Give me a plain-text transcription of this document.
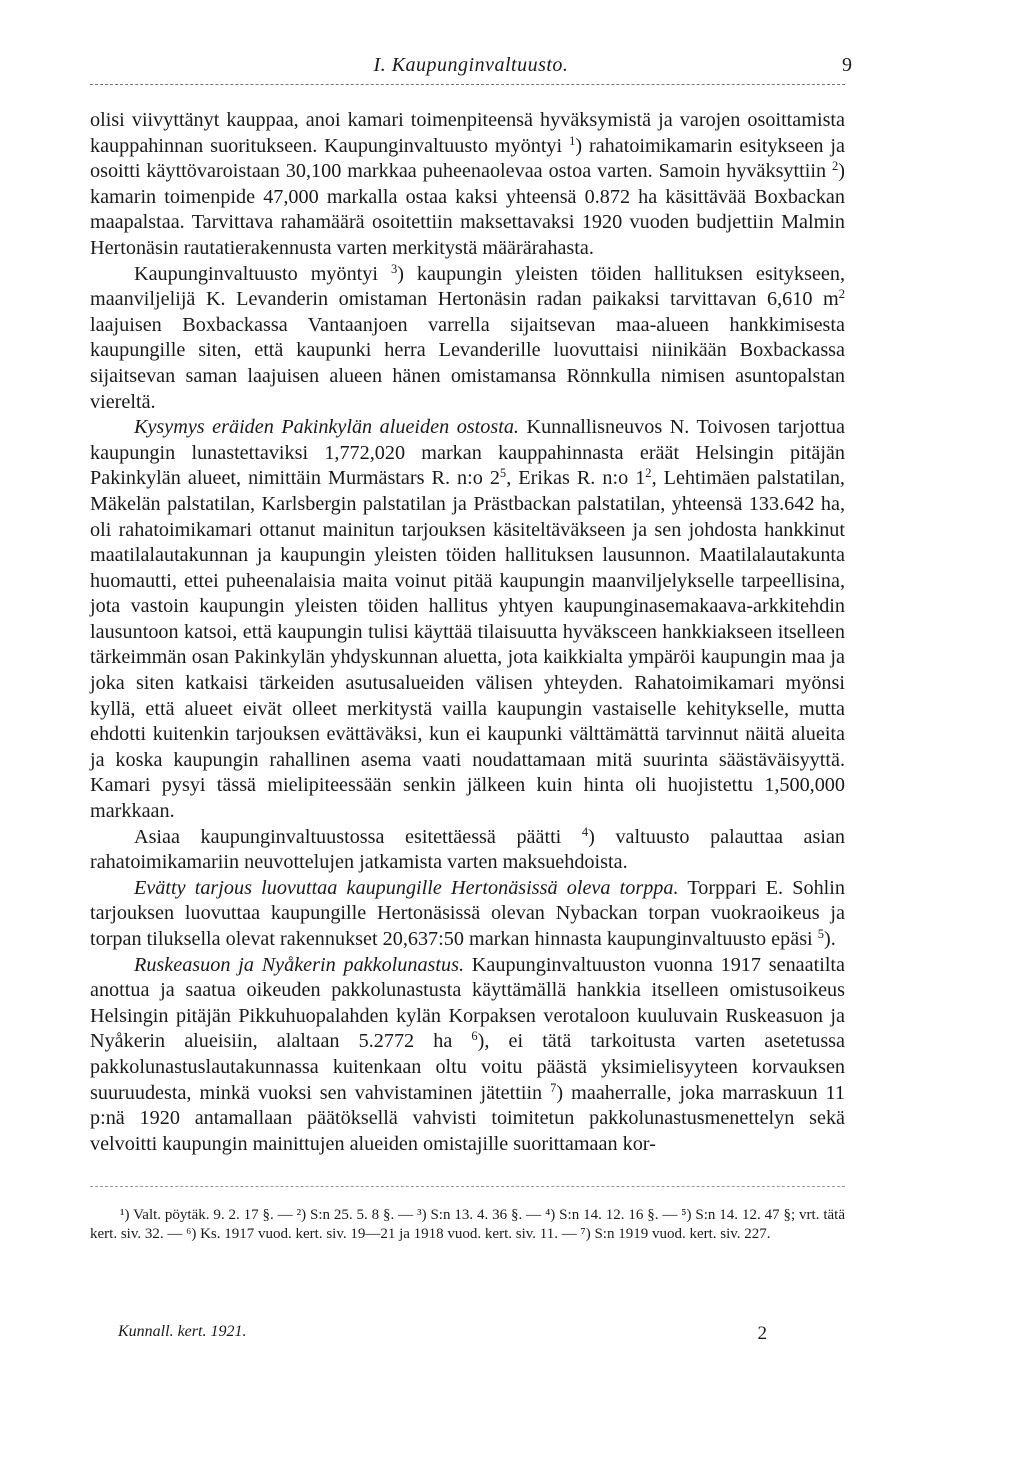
I. Kaupunginvaltuusto.	9

olisi viivyttänyt kauppaa, anoi kamari toimenpiteensä hyväksymistä ja varojen osoittamista kauppahinnan suoritukseen. Kaupunginvaltuusto myöntyi $^1$) rahatoimikamarin esitykseen ja osoitti käyttövaroistaan 30,100 markkaa puheenaolevaa ostoa varten. Samoin hyväksyttiin $^2$) kamarin toimenpide 47,000 markalla ostaa kaksi yhteensä 0.872 ha käsittävää Boxbackan maapalstaa. Tarvittava rahamäärä osoitettiin maksettavaksi 1920 vuoden budjettiin Malmin Hertonäsin rautatierakennusta varten merkitystä määrärahasta.

Kaupunginvaltuusto myöntyi $^3$) kaupungin yleisten töiden hallituksen esitykseen, maanviljelijä K. Levanderin omistaman Hertonäsin radan paikaksi tarvittavan 6,610 $m^2$ laajuisen Boxbackassa Vantaanjoen varrella sijaitsevan maa-alueen hankkimisesta kaupungille siten, että kaupunki herra Levanderille luovuttaisi niinikään Boxbackassa sijaitsevan saman laajuisen alueen hänen omistamansa Rönnkulla nimisen asuntopalstan viereltä.

Kysymys eräiden Pakinkylän alueiden ostosta. Kunnallisneuvos N. Toivosen tarjottua kaupungin lunastettaviksi 1,772,020 markan kauppahinnasta eräät Helsingin pitäjän Pakinkylän alueet, nimittäin Murmästars R. n:o $2^5$, Erikas R. n:o $1^2$, Lehtimäen palstatilan, Mäkelän palstatilan, Karlsbergin palstatilan ja Prästbackan palstatilan, yhteensä 133.642 ha, oli rahatoimikamari ottanut mainitun tarjouksen käsiteltäväkseen ja sen johdosta hankkinut maatilalautakunnan ja kaupungin yleisten töiden hallituksen lausunnon. Maatilalautakunta huomautti, ettei puheenalaisia maita voinut pitää kaupungin maanviljelykselle tarpeellisina, jota vastoin kaupungin yleisten töiden hallitus yhtyen kaupunginasemakaava-arkkitehdin lausuntoon katsoi, että kaupungin tulisi käyttää tilaisuutta hyväksceen hankkiakseen itselleen tärkeimmän osan Pakinkylän yhdyskunnan aluetta, jota kaikkialta ympäröi kaupungin maa ja joka siten katkaisi tärkeiden asutusalueiden välisen yhteyden. Rahatoimikamari myönsi kyllä, että alueet eivät olleet merkitystä vailla kaupungin vastaiselle kehitykselle, mutta ehdotti kuitenkin tarjouksen evättäväksi, kun ei kaupunki välttämättä tarvinnut näitä alueita ja koska kaupungin rahallinen asema vaati noudattamaan mitä suurinta säästäväisyyttä. Kamari pysyi tässä mielipiteessään senkin jälkeen kuin hinta oli huojistettu 1,500,000 markkaan.

Asiaa kaupunginvaltuustossa esitettäessä päätti $^4$) valtuusto palauttaa asian rahatoimikamariin neuvottelujen jatkamista varten maksuehdoista.

Evätty tarjous luovuttaa kaupungille Hertonäsissä oleva torppa. Torppari E. Sohlin tarjouksen luovuttaa kaupungille Hertonäsissä olevan Nybackan torpan vuokraoikeus ja torpan tiluksella olevat rakennukset 20,637:50 markan hinnasta kaupunginvaltuusto epäsi $^5$).

Ruskeasuon ja Nyåkerin pakkolunastus. Kaupunginvaltuuston vuonna 1917 senaatilta anottua ja saatua oikeuden pakkolunastusta käyttämällä hankkia itselleen omistusoikeus Helsingin pitäjän Pikkuhuopalahden kylän Korpaksen verotaloon kuuluvain Ruskeasuon ja Nyåkerin alueisiin, alaltaan 5.2772 ha $^6$), ei tätä tarkoitusta varten asetetussa pakkolunastuslautakunnassa kuitenkaan oltu voitu päästä yksimielisyyteen korvauksen suuruudesta, minkä vuoksi sen vahvistaminen jätettiin $^7$) maaherralle, joka marraskuun 11 p:nä 1920 antamallaan päätöksellä vahvisti toimitetun pakkolunastusmenettelyn sekä velvoitti kaupungin mainittujen alueiden omistajille suorittamaan kor-

¹) Valt. pöytäk. 9. 2. 17 §. — ²) S:n 25. 5. 8 §. — ³) S:n 13. 4. 36 §. — ⁴) S:n 14. 12. 16 §. — ⁵) S:n 14. 12. 47 §; vrt. tätä kert. siv. 32. — ⁶) Ks. 1917 vuod. kert. siv. 19—21 ja 1918 vuod. kert. siv. 11. — ⁷) S:n 1919 vuod. kert. siv. 227.

Kunnall. kert. 1921.	2
